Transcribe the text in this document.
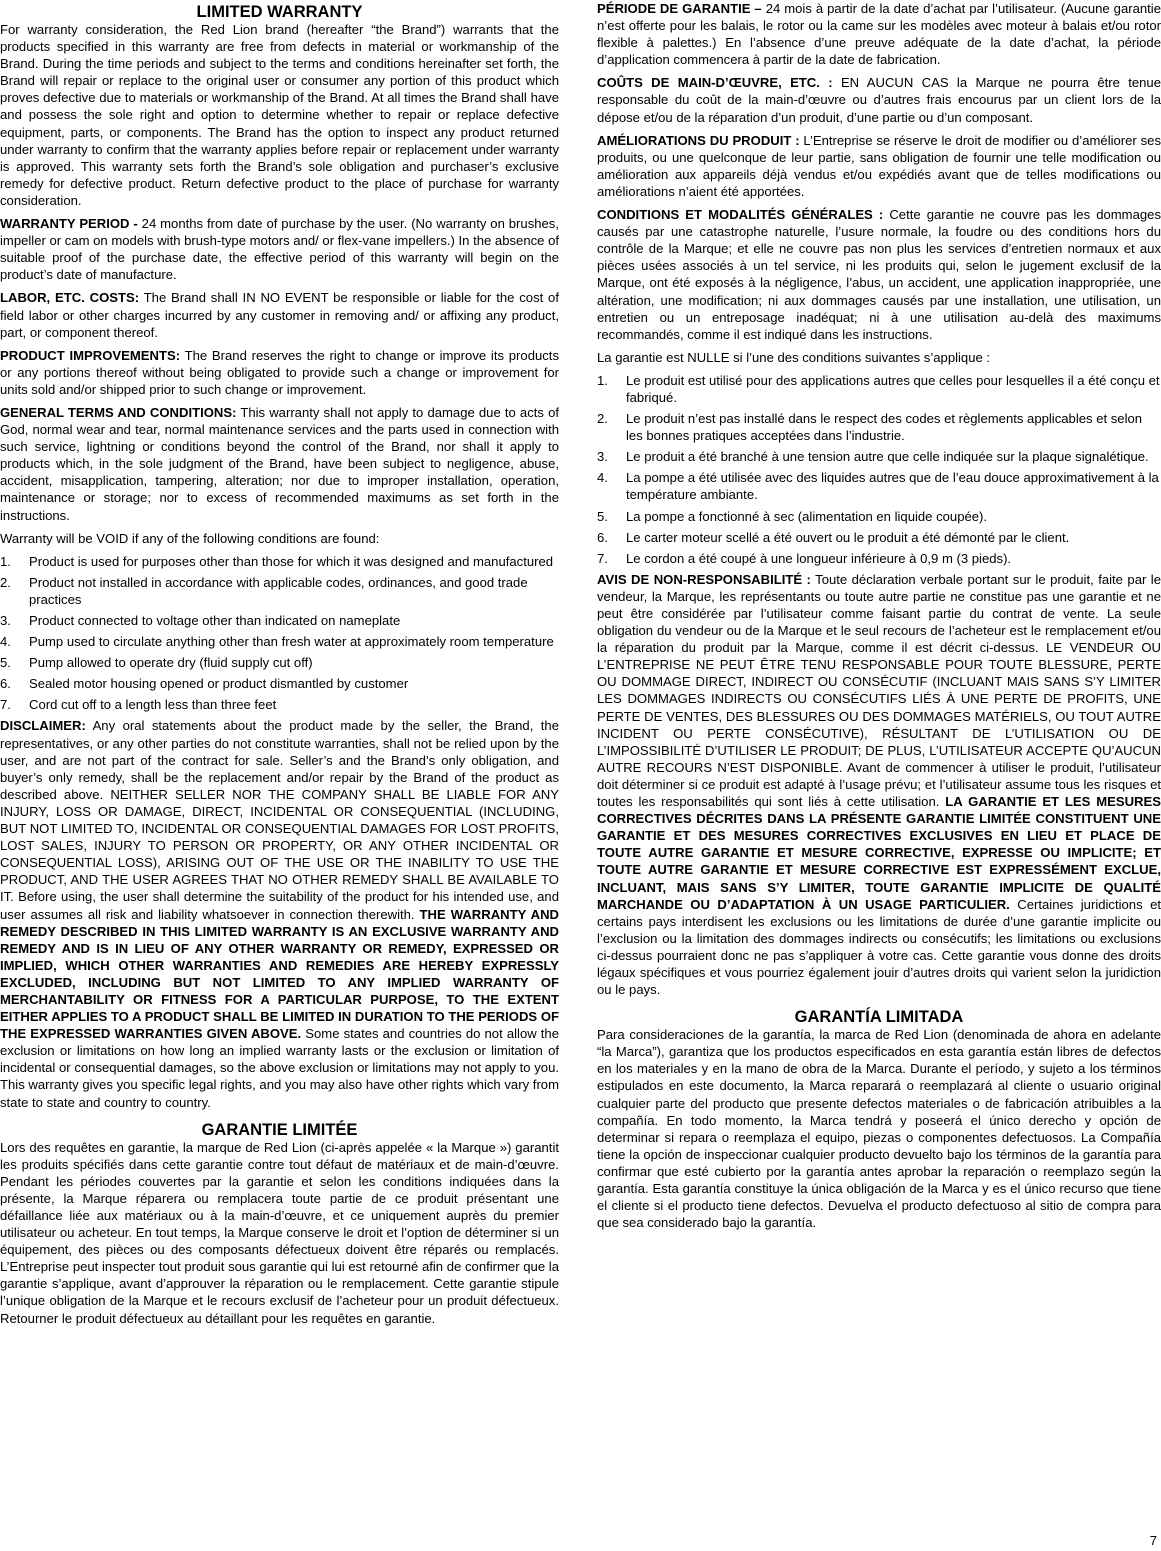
LIMITED WARRANTY

For warranty consideration, the Red Lion brand (hereafter “the Brand”) warrants that the products specified in this warranty are free from defects in material or workmanship of the Brand. During the time periods and subject to the terms and conditions hereinafter set forth, the Brand will repair or replace to the original user or consumer any portion of this product which proves defective due to materials or workmanship of the Brand. At all times the Brand shall have and possess the sole right and option to determine whether to repair or replace defective equipment, parts, or components. The Brand has the option to inspect any product returned under warranty to confirm that the warranty applies before repair or replacement under warranty is approved. This warranty sets forth the Brand’s sole obligation and purchaser’s exclusive remedy for defective product. Return defective product to the place of purchase for warranty consideration.

WARRANTY PERIOD - 24 months from date of purchase by the user. (No warranty on brushes, impeller or cam on models with brush-type motors and/ or flex-vane impellers.) In the absence of suitable proof of the purchase date, the effective period of this warranty will begin on the product’s date of manufacture.

LABOR, ETC. COSTS: The Brand shall IN NO EVENT be responsible or liable for the cost of field labor or other charges incurred by any customer in removing and/ or affixing any product, part, or component thereof.

PRODUCT IMPROVEMENTS: The Brand reserves the right to change or improve its products or any portions thereof without being obligated to provide such a change or improvement for units sold and/or shipped prior to such change or improvement.

GENERAL TERMS AND CONDITIONS: This warranty shall not apply to damage due to acts of God, normal wear and tear, normal maintenance services and the parts used in connection with such service, lightning or conditions beyond the control of the Brand, nor shall it apply to products which, in the sole judgment of the Brand, have been subject to negligence, abuse, accident, misapplication, tampering, alteration; nor due to improper installation, operation, maintenance or storage; nor to excess of recommended maximums as set forth in the instructions.

Warranty will be VOID if any of the following conditions are found:

1. Product is used for purposes other than those for which it was designed and manufactured
2. Product not installed in accordance with applicable codes, ordinances, and good trade practices
3. Product connected to voltage other than indicated on nameplate
4. Pump used to circulate anything other than fresh water at approximately room temperature
5. Pump allowed to operate dry (fluid supply cut off)
6. Sealed motor housing opened or product dismantled by customer
7. Cord cut off to a length less than three feet

DISCLAIMER: Any oral statements about the product made by the seller, the Brand, the representatives, or any other parties do not constitute warranties, shall not be relied upon by the user, and are not part of the contract for sale. Seller’s and the Brand’s only obligation, and buyer’s only remedy, shall be the replacement and/or repair by the Brand of the product as described above. NEITHER SELLER NOR THE COMPANY SHALL BE LIABLE FOR ANY INJURY, LOSS OR DAMAGE, DIRECT, INCIDENTAL OR CONSEQUENTIAL (INCLUDING, BUT NOT LIMITED TO, INCIDENTAL OR CONSEQUENTIAL DAMAGES FOR LOST PROFITS, LOST SALES, INJURY TO PERSON OR PROPERTY, OR ANY OTHER INCIDENTAL OR CONSEQUENTIAL LOSS), ARISING OUT OF THE USE OR THE INABILITY TO USE THE PRODUCT, AND THE USER AGREES THAT NO OTHER REMEDY SHALL BE AVAILABLE TO IT. Before using, the user shall determine the suitability of the product for his intended use, and user assumes all risk and liability whatsoever in connection therewith. THE WARRANTY AND REMEDY DESCRIBED IN THIS LIMITED WARRANTY IS AN EXCLUSIVE WARRANTY AND REMEDY AND IS IN LIEU OF ANY OTHER WARRANTY OR REMEDY, EXPRESSED OR IMPLIED, WHICH OTHER WARRANTIES AND REMEDIES ARE HEREBY EXPRESSLY EXCLUDED, INCLUDING BUT NOT LIMITED TO ANY IMPLIED WARRANTY OF MERCHANTABILITY OR FITNESS FOR A PARTICULAR PURPOSE, TO THE EXTENT EITHER APPLIES TO A PRODUCT SHALL BE LIMITED IN DURATION TO THE PERIODS OF THE EXPRESSED WARRANTIES GIVEN ABOVE. Some states and countries do not allow the exclusion or limitations on how long an implied warranty lasts or the exclusion or limitation of incidental or consequential damages, so the above exclusion or limitations may not apply to you. This warranty gives you specific legal rights, and you may also have other rights which vary from state to state and country to country.

GARANTIE LIMITÉE

Lors des requêtes en garantie, la marque de Red Lion (ci-après appelée « la Marque ») garantit les produits spécifiés dans cette garantie contre tout défaut de matériaux et de main-d’œuvre. Pendant les périodes couvertes par la garantie et selon les conditions indiquées dans la présente, la Marque réparera ou remplacera toute partie de ce produit présentant une défaillance liée aux matériaux ou à la main-d’œuvre, et ce uniquement auprès du premier utilisateur ou acheteur. En tout temps, la Marque conserve le droit et l’option de déterminer si un équipement, des pièces ou des composants défectueux doivent être réparés ou remplacés. L’Entreprise peut inspecter tout produit sous garantie qui lui est retourné afin de confirmer que la garantie s’applique, avant d’approuver la réparation ou le remplacement. Cette garantie stipule l’unique obligation de la Marque et le recours exclusif de l’acheteur pour un produit défectueux. Retourner le produit défectueux au détaillant pour les requêtes en garantie.

PÉRIODE DE GARANTIE – 24 mois à partir de la date d’achat par l’utilisateur. (Aucune garantie n’est offerte pour les balais, le rotor ou la came sur les modèles avec moteur à balais et/ou rotor flexible à palettes.) En l’absence d’une preuve adéquate de la date d’achat, la période d’application commencera à partir de la date de fabrication.

COÛTS DE MAIN-D’ŒUVRE, ETC. : EN AUCUN CAS la Marque ne pourra être tenue responsable du coût de la main-d’œuvre ou d’autres frais encourus par un client lors de la dépose et/ou de la réparation d’un produit, d’une partie ou d’un composant.

AMÉLIORATIONS DU PRODUIT : L’Entreprise se réserve le droit de modifier ou d’améliorer ses produits, ou une quelconque de leur partie, sans obligation de fournir une telle modification ou amélioration aux appareils déjà vendus et/ou expédiés avant que de telles modifications ou améliorations n’aient été apportées.

CONDITIONS ET MODALITÉS GÉNÉRALES : Cette garantie ne couvre pas les dommages causés par une catastrophe naturelle, l’usure normale, la foudre ou des conditions hors du contrôle de la Marque; et elle ne couvre pas non plus les services d’entretien normaux et aux pièces usées associés à un tel service, ni les produits qui, selon le jugement exclusif de la Marque, ont été exposés à la négligence, l’abus, un accident, une application inappropriée, une altération, une modification; ni aux dommages causés par une installation, une utilisation, un entretien ou un entreposage inadéquat; ni à une utilisation au-delà des maximums recommandés, comme il est indiqué dans les instructions.

La garantie est NULLE si l’une des conditions suivantes s’applique :

1. Le produit est utilisé pour des applications autres que celles pour lesquelles il a été conçu et fabriqué.
2. Le produit n’est pas installé dans le respect des codes et règlements applicables et selon les bonnes pratiques acceptées dans l’industrie.
3. Le produit a été branché à une tension autre que celle indiquée sur la plaque signalétique.
4. La pompe a été utilisée avec des liquides autres que de l’eau douce approximativement à la température ambiante.
5. La pompe a fonctionné à sec (alimentation en liquide coupée).
6. Le carter moteur scellé a été ouvert ou le produit a été démonté par le client.
7. Le cordon a été coupé à une longueur inférieure à 0,9 m (3 pieds).

AVIS DE NON-RESPONSABILITÉ : Toute déclaration verbale portant sur le produit, faite par le vendeur, la Marque, les représentants ou toute autre partie ne constitue pas une garantie et ne peut être considérée par l’utilisateur comme faisant partie du contrat de vente. La seule obligation du vendeur ou de la Marque et le seul recours de l’acheteur est le remplacement et/ou la réparation du produit par la Marque, comme il est décrit ci-dessus. LE VENDEUR OU L’ENTREPRISE NE PEUT ÊTRE TENU RESPONSABLE POUR TOUTE BLESSURE, PERTE OU DOMMAGE DIRECT, INDIRECT OU CONSÉCUTIF (INCLUANT MAIS SANS S’Y LIMITER LES DOMMAGES INDIRECTS OU CONSÉCUTIFS LIÉS À UNE PERTE DE PROFITS, UNE PERTE DE VENTES, DES BLESSURES OU DES DOMMAGES MATÉRIELS, OU TOUT AUTRE INCIDENT OU PERTE CONSÉCUTIVE), RÉSULTANT DE L’UTILISATION OU DE L’IMPOSSIBILITÉ D’UTILISER LE PRODUIT; DE PLUS, L’UTILISATEUR ACCEPTE QU’AUCUN AUTRE RECOURS N’EST DISPONIBLE. Avant de commencer à utiliser le produit, l’utilisateur doit déterminer si ce produit est adapté à l’usage prévu; et l’utilisateur assume tous les risques et toutes les responsabilités qui sont liés à cette utilisation. LA GARANTIE ET LES MESURES CORRECTIVES DÉCRITES DANS LA PRÉSENTE GARANTIE LIMITÉE CONSTITUENT UNE GARANTIE ET DES MESURES CORRECTIVES EXCLUSIVES EN LIEU ET PLACE DE TOUTE AUTRE GARANTIE ET MESURE CORRECTIVE, EXPRESSE OU IMPLICITE; ET TOUTE AUTRE GARANTIE ET MESURE CORRECTIVE EST EXPRESSÉMENT EXCLUE, INCLUANT, MAIS SANS S’Y LIMITER, TOUTE GARANTIE IMPLICITE DE QUALITÉ MARCHANDE OU D’ADAPTATION À UN USAGE PARTICULIER. Certaines juridictions et certains pays interdisent les exclusions ou les limitations de durée d’une garantie implicite ou l’exclusion ou la limitation des dommages indirects ou consécutifs; les limitations ou exclusions ci-dessus pourraient donc ne pas s’appliquer à votre cas. Cette garantie vous donne des droits légaux spécifiques et vous pourriez également jouir d’autres droits qui varient selon la juridiction ou le pays.

GARANTÍA LIMITADA

Para consideraciones de la garantía, la marca de Red Lion (denominada de ahora en adelante “la Marca”), garantiza que los productos especificados en esta garantía están libres de defectos en los materiales y en la mano de obra de la Marca. Durante el período, y sujeto a los términos estipulados en este documento, la Marca reparará o reemplazará al cliente o usuario original cualquier parte del producto que presente defectos materiales o de fabricación atribuibles a la compañía. En todo momento, la Marca tendrá y poseerá el único derecho y opción de determinar si repara o reemplaza el equipo, piezas o componentes defectuosos. La Compañía tiene la opción de inspeccionar cualquier producto devuelto bajo los términos de la garantía para confirmar que esté cubierto por la garantía antes aprobar la reparación o reemplazo según la garantía. Esta garantía constituye la única obligación de la Marca y es el único recurso que tiene el cliente si el producto tiene defectos. Devuelva el producto defectuoso al sitio de compra para que sea considerado bajo la garantía.

7
